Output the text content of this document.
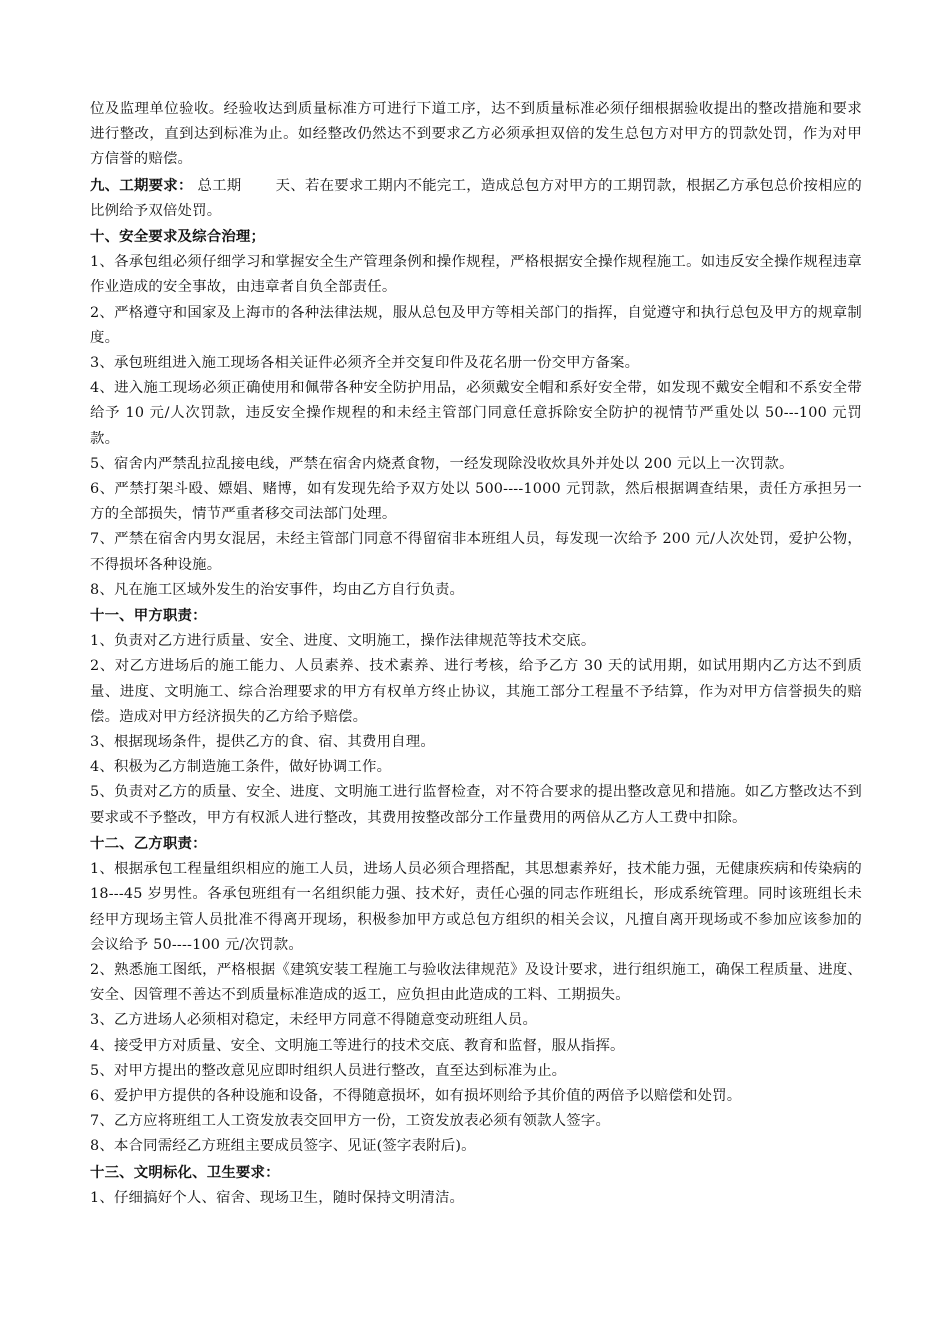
位及监理单位验收。经验收达到质量标准方可进行下道工序，达不到质量标准必须仔细根据验收提出的整改措施和要求进行整改，直到达到标准为止。如经整改仍然达不到要求乙方必须承担双倍的发生总包方对甲方的罚款处罚，作为对甲方信誉的赔偿。

九、工期要求： 总工期 　　天、若在要求工期内不能完工，造成总包方对甲方的工期罚款，根据乙方承包总价按相应的比例给予双倍处罚。

十、安全要求及综合治理；

1、各承包组必须仔细学习和掌握安全生产管理条例和操作规程，严格根据安全操作规程施工。如违反安全操作规程违章作业造成的安全事故，由违章者自负全部责任。

2、严格遵守和国家及上海市的各种法律法规，服从总包及甲方等相关部门的指挥，自觉遵守和执行总包及甲方的规章制度。

3、承包班组进入施工现场各相关证件必须齐全并交复印件及花名册一份交甲方备案。

4、进入施工现场必须正确使用和佩带各种安全防护用品，必须戴安全帽和系好安全带，如发现不戴安全帽和不系安全带给予 10 元/人次罚款，违反安全操作规程的和未经主管部门同意任意拆除安全防护的视情节严重处以 50---100 元罚款。

5、宿舍内严禁乱拉乱接电线，严禁在宿舍内烧煮食物，一经发现除没收炊具外并处以 200 元以上一次罚款。

6、严禁打架斗殴、嫖娼、赌博，如有发现先给予双方处以 500----1000 元罚款，然后根据调查结果，责任方承担另一方的全部损失，情节严重者移交司法部门处理。

7、严禁在宿舍内男女混居，未经主管部门同意不得留宿非本班组人员，每发现一次给予 200 元/人次处罚，爱护公物，不得损坏各种设施。

8、凡在施工区域外发生的治安事件，均由乙方自行负责。

十一、甲方职责：

1、负责对乙方进行质量、安全、进度、文明施工，操作法律规范等技术交底。

2、对乙方进场后的施工能力、人员素养、技术素养、进行考核，给予乙方 30 天的试用期，如试用期内乙方达不到质量、进度、文明施工、综合治理要求的甲方有权单方终止协议，其施工部分工程量不予结算，作为对甲方信誉损失的赔偿。造成对甲方经济损失的乙方给予赔偿。

3、根据现场条件，提供乙方的食、宿、其费用自理。

4、积极为乙方制造施工条件，做好协调工作。

5、负责对乙方的质量、安全、进度、文明施工进行监督检查，对不符合要求的提出整改意见和措施。如乙方整改达不到要求或不予整改，甲方有权派人进行整改，其费用按整改部分工作量费用的两倍从乙方人工费中扣除。

十二、乙方职责：

1、根据承包工程量组织相应的施工人员，进场人员必须合理搭配，其思想素养好，技术能力强，无健康疾病和传染病的 18---45 岁男性。各承包班组有一名组织能力强、技术好，责任心强的同志作班组长，形成系统管理。同时该班组长未经甲方现场主管人员批准不得离开现场，积极参加甲方或总包方组织的相关会议，凡擅自离开现场或不参加应该参加的会议给予 50----100 元/次罚款。

2、熟悉施工图纸，严格根据《建筑安装工程施工与验收法律规范》及设计要求，进行组织施工，确保工程质量、进度、安全、因管理不善达不到质量标准造成的返工，应负担由此造成的工料、工期损失。

3、乙方进场人必须相对稳定，未经甲方同意不得随意变动班组人员。

4、接受甲方对质量、安全、文明施工等进行的技术交底、教育和监督，服从指挥。

5、对甲方提出的整改意见应即时组织人员进行整改，直至达到标准为止。

6、爱护甲方提供的各种设施和设备，不得随意损坏，如有损坏则给予其价值的两倍予以赔偿和处罚。

7、乙方应将班组工人工资发放表交回甲方一份，工资发放表必须有领款人签字。

8、本合同需经乙方班组主要成员签字、见证(签字表附后)。

十三、文明标化、卫生要求：

1、仔细搞好个人、宿舍、现场卫生，随时保持文明清洁。
